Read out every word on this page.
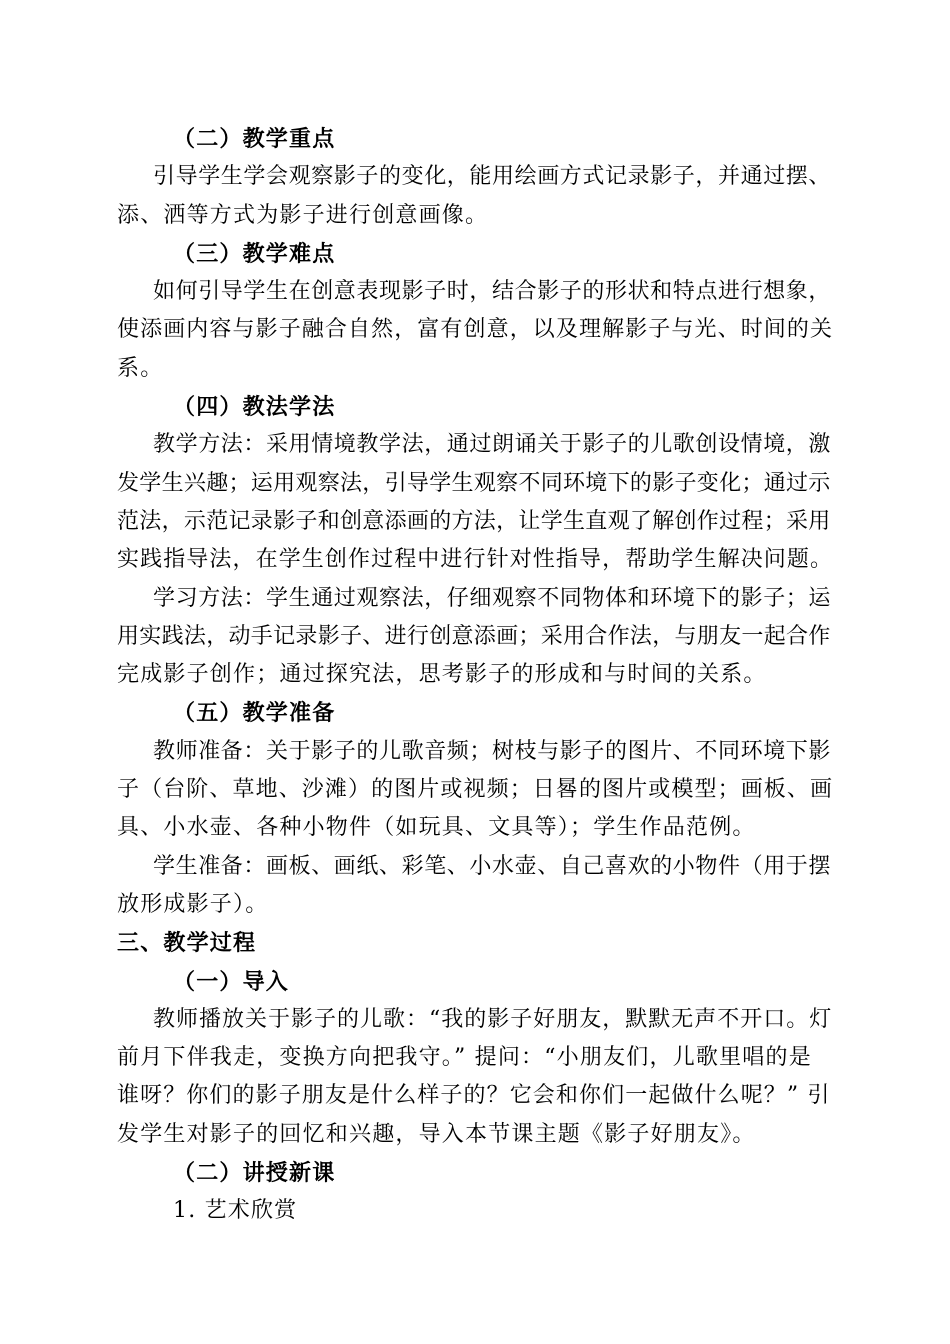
（二）教学重点
引导学生学会观察影子的变化，能用绘画方式记录影子，并通过摆、
添、洒等方式为影子进行创意画像。
（三）教学难点
如何引导学生在创意表现影子时，结合影子的形状和特点进行想象，
使添画内容与影子融合自然，富有创意，以及理解影子与光、时间的关
系。
（四）教法学法
教学方法：采用情境教学法，通过朗诵关于影子的儿歌创设情境，激
发学生兴趣；运用观察法，引导学生观察不同环境下的影子变化；通过示
范法，示范记录影子和创意添画的方法，让学生直观了解创作过程；采用
实践指导法，在学生创作过程中进行针对性指导，帮助学生解决问题。
学习方法：学生通过观察法，仔细观察不同物体和环境下的影子；运
用实践法，动手记录影子、进行创意添画；采用合作法，与朋友一起合作
完成影子创作；通过探究法，思考影子的形成和与时间的关系。
（五）教学准备
教师准备：关于影子的儿歌音频；树枝与影子的图片、不同环境下影
子（台阶、草地、沙滩）的图片或视频；日晷的图片或模型；画板、画
具、小水壶、各种小物件（如玩具、文具等）；学生作品范例。
学生准备：画板、画纸、彩笔、小水壶、自己喜欢的小物件（用于摆
放形成影子）。
三、教学过程
（一）导入
教师播放关于影子的儿歌：“我的影子好朋友，默默无声不开口。灯
前月下伴我走，变换方向把我守。” 提问：“小朋友们，儿歌里唱的是
谁呀？你们的影子朋友是什么样子的？它会和你们一起做什么呢？” 引
发学生对影子的回忆和兴趣，导入本节课主题《影子好朋友》。
（二）讲授新课
1. 艺术欣赏
